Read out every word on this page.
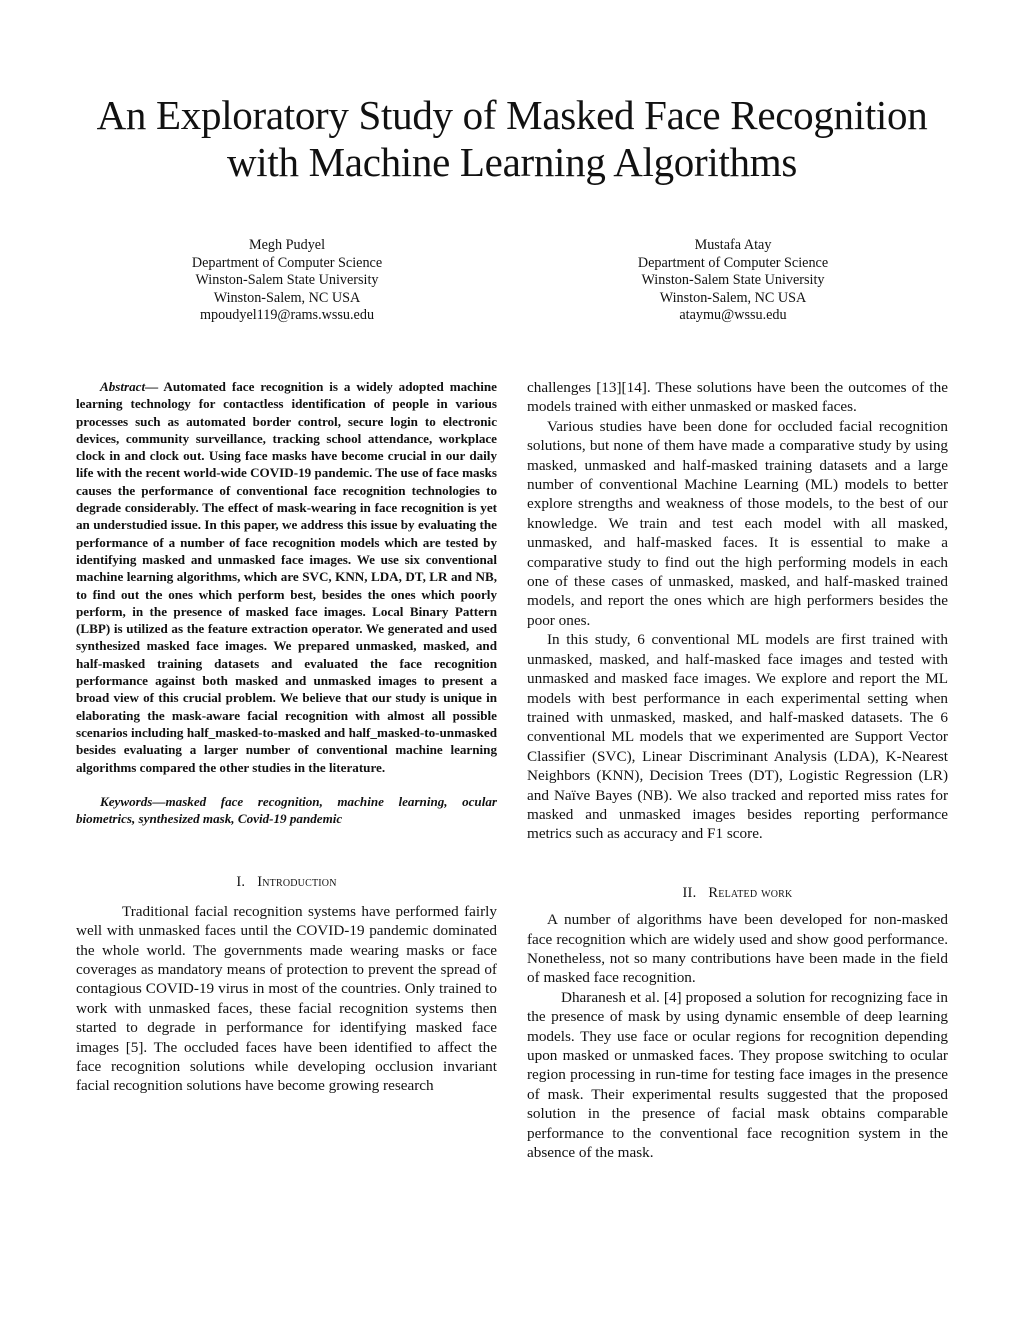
An Exploratory Study of Masked Face Recognition
with Machine Learning Algorithms
Megh Pudyel
Department of Computer Science
Winston-Salem State University
Winston-Salem, NC USA
mpoudyel119@rams.wssu.edu
Mustafa Atay
Department of Computer Science
Winston-Salem State University
Winston-Salem, NC USA
ataymu@wssu.edu

Abstract— Automated face recognition is a widely adopted machine learning technology for contactless identification of people in various processes such as automated border control, secure login to electronic devices, community surveillance, tracking school attendance, workplace clock in and clock out. Using face masks have become crucial in our daily life with the recent world-wide COVID-19 pandemic. The use of face masks causes the performance of conventional face recognition technologies to degrade considerably. The effect of mask-wearing in face recognition is yet an understudied issue. In this paper, we address this issue by evaluating the performance of a number of face recognition models which are tested by identifying masked and unmasked face images. We use six conventional machine learning algorithms, which are SVC, KNN, LDA, DT, LR and NB, to find out the ones which perform best, besides the ones which poorly perform, in the presence of masked face images. Local Binary Pattern (LBP) is utilized as the feature extraction operator. We generated and used synthesized masked face images. We prepared unmasked, masked, and half-masked training datasets and evaluated the face recognition performance against both masked and unmasked images to present a broad view of this crucial problem. We believe that our study is unique in elaborating the mask-aware facial recognition with almost all possible scenarios including half_masked-to-masked and half_masked-to-unmasked besides evaluating a larger number of conventional machine learning algorithms compared the other studies in the literature.

Keywords—masked face recognition, machine learning, ocular biometrics, synthesized mask, Covid-19 pandemic

I. Introduction

Traditional facial recognition systems have performed fairly well with unmasked faces until the COVID-19 pandemic dominated the whole world. The governments made wearing masks or face coverages as mandatory means of protection to prevent the spread of contagious COVID-19 virus in most of the countries. Only trained to work with unmasked faces, these facial recognition systems then started to degrade in performance for identifying masked face images [5]. The occluded faces have been identified to affect the face recognition solutions while developing occlusion invariant facial recognition solutions have become growing research

challenges [13][14]. These solutions have been the outcomes of the models trained with either unmasked or masked faces.

Various studies have been done for occluded facial recognition solutions, but none of them have made a comparative study by using masked, unmasked and half-masked training datasets and a large number of conventional Machine Learning (ML) models to better explore strengths and weakness of those models, to the best of our knowledge. We train and test each model with all masked, unmasked, and half-masked faces. It is essential to make a comparative study to find out the high performing models in each one of these cases of unmasked, masked, and half-masked trained models, and report the ones which are high performers besides the poor ones.

In this study, 6 conventional ML models are first trained with unmasked, masked, and half-masked face images and tested with unmasked and masked face images. We explore and report the ML models with best performance in each experimental setting when trained with unmasked, masked, and half-masked datasets. The 6 conventional ML models that we experimented are Support Vector Classifier (SVC), Linear Discriminant Analysis (LDA), K-Nearest Neighbors (KNN), Decision Trees (DT), Logistic Regression (LR) and Naïve Bayes (NB). We also tracked and reported miss rates for masked and unmasked images besides reporting performance metrics such as accuracy and F1 score.

II. Related work

A number of algorithms have been developed for non-masked face recognition which are widely used and show good performance. Nonetheless, not so many contributions have been made in the field of masked face recognition.

Dharanesh et al. [4] proposed a solution for recognizing face in the presence of mask by using dynamic ensemble of deep learning models. They use face or ocular regions for recognition depending upon masked or unmasked faces. They propose switching to ocular region processing in run-time for testing face images in the presence of mask. Their experimental results suggested that the proposed solution in the presence of facial mask obtains comparable performance to the conventional face recognition system in the absence of the mask.
